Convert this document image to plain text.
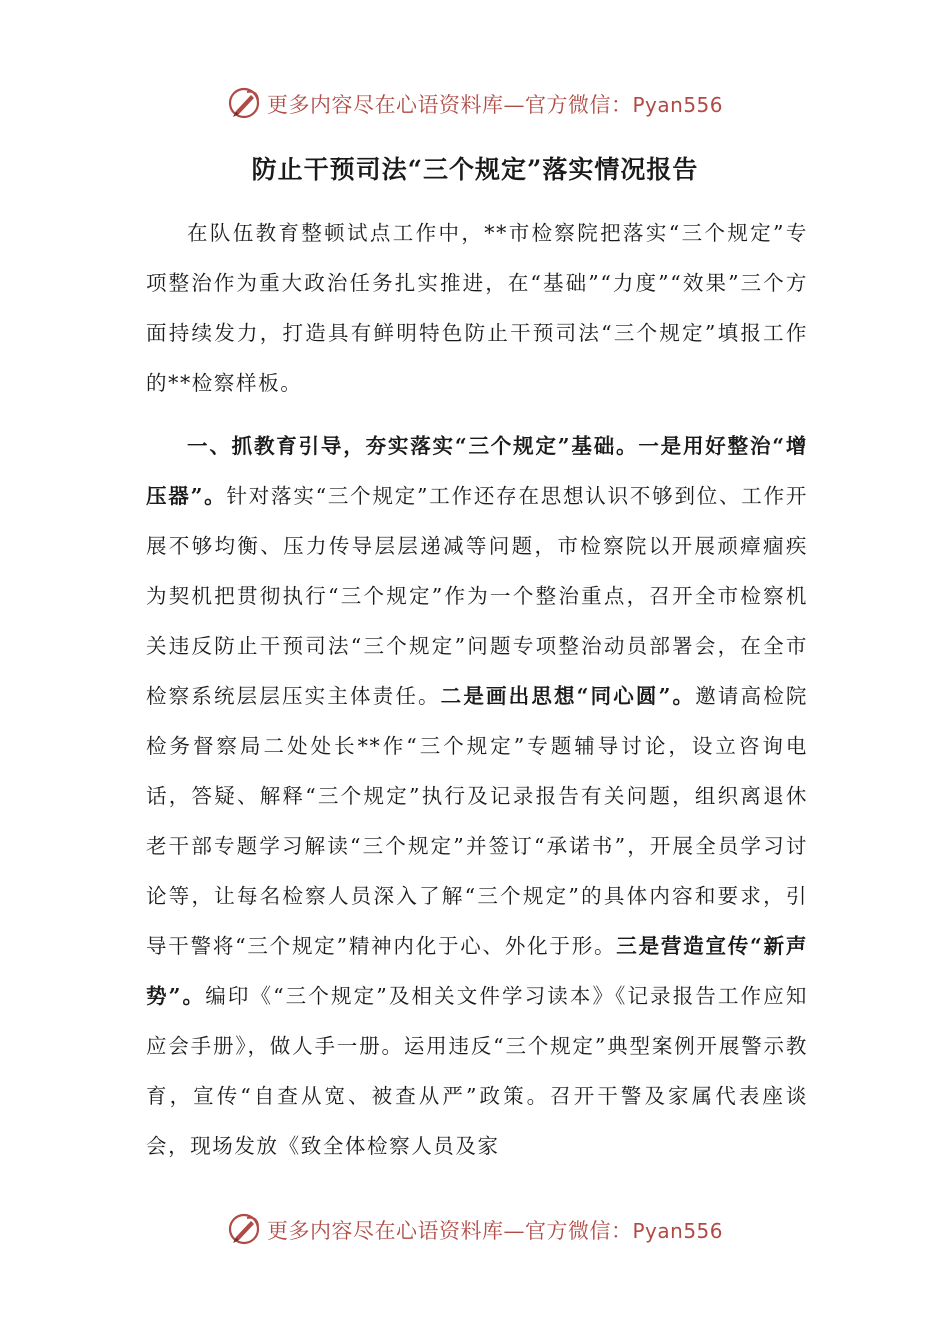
更多内容尽在心语资料库—官方微信：Pyan556
防止干预司法“三个规定”落实情况报告

在队伍教育整顿试点工作中，**市检察院把落实“三个规定”专项整治作为重大政治任务扎实推进，在“基础”“力度”“效果”三个方面持续发力，打造具有鲜明特色防止干预司法“三个规定”填报工作的**检察样板。

一、抓教育引导，夯实落实“三个规定”基础。一是用好整治“增压器”。针对落实“三个规定”工作还存在思想认识不够到位、工作开展不够均衡、压力传导层层递减等问题，市检察院以开展顽瘴痼疾为契机把贯彻执行“三个规定”作为一个整治重点，召开全市检察机关违反防止干预司法“三个规定”问题专项整治动员部署会，在全市检察系统层层压实主体责任。二是画出思想“同心圆”。邀请高检院检务督察局二处处长**作“三个规定”专题辅导讨论，设立咨询电话，答疑、解释“三个规定”执行及记录报告有关问题，组织离退休老干部专题学习解读“三个规定”并签订“承诺书”，开展全员学习讨论等，让每名检察人员深入了解“三个规定”的具体内容和要求，引导干警将“三个规定”精神内化于心、外化于形。三是营造宣传“新声势”。编印《“三个规定”及相关文件学习读本》《记录报告工作应知应会手册》，做人手一册。运用违反“三个规定”典型案例开展警示教育，宣传“自查从宽、被查从严”政策。召开干警及家属代表座谈会，现场发放《致全体检察人员及家

更多内容尽在心语资料库—官方微信：Pyan556
